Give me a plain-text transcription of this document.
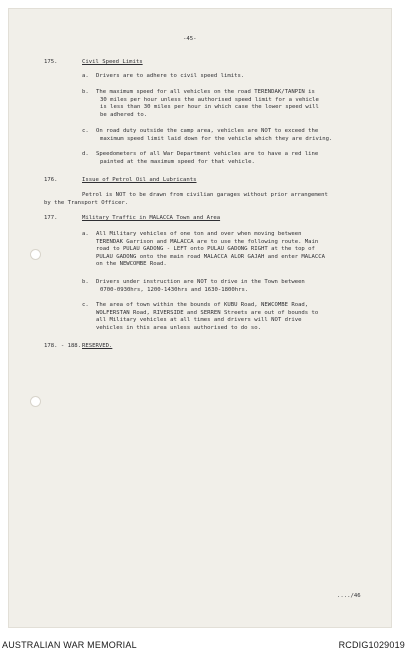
-45-
175.	Civil Speed Limits
a. Drivers are to adhere to civil speed limits.
b. The maximum speed for all vehicles on the road TERENDAK/TANPIN is
30 miles per hour unless the authorised speed limit for a vehicle
is less than 30 miles per hour in which case the lower speed will
be adhered to.
c. On road duty outside the camp area, vehicles are NOT to exceed the
maximum speed limit laid down for the vehicle which they are driving.
d. Speedometers of all War Department vehicles are to have a red line
painted at the maximum speed for that vehicle.
176.	Issue of Petrol Oil and Lubricants
Petrol is NOT to be drawn from civilian garages without prior arrangement
by the Transport Officer.
177.	Military Traffic in MALACCA Town and Area
a. All Military vehicles of one ton and over when moving between
TERENDAK Garrison and MALACCA are to use the following route. Main
road to PULAU GADONG - LEFT onto PULAU GADONG RIGHT at the top of
PULAU GADONG onto the main road MALACCA ALOR GAJAH and enter MALACCA
on the NEWCOMBE Road.
b. Drivers under instruction are NOT to drive in the Town between
0700-0930hrs, 1200-1430hrs and 1630-1800hrs.
c. The area of town within the bounds of KUBU Road, NEWCOMBE Road,
WOLFERSTAN Road, RIVERSIDE and SERREN Streets are out of bounds to
all Military vehicles at all times and drivers will NOT drive
vehicles in this area unless authorised to do so.
178. - 188. RESERVED.
..../46
AUSTRALIAN WAR MEMORIAL	RCDIG1029019
